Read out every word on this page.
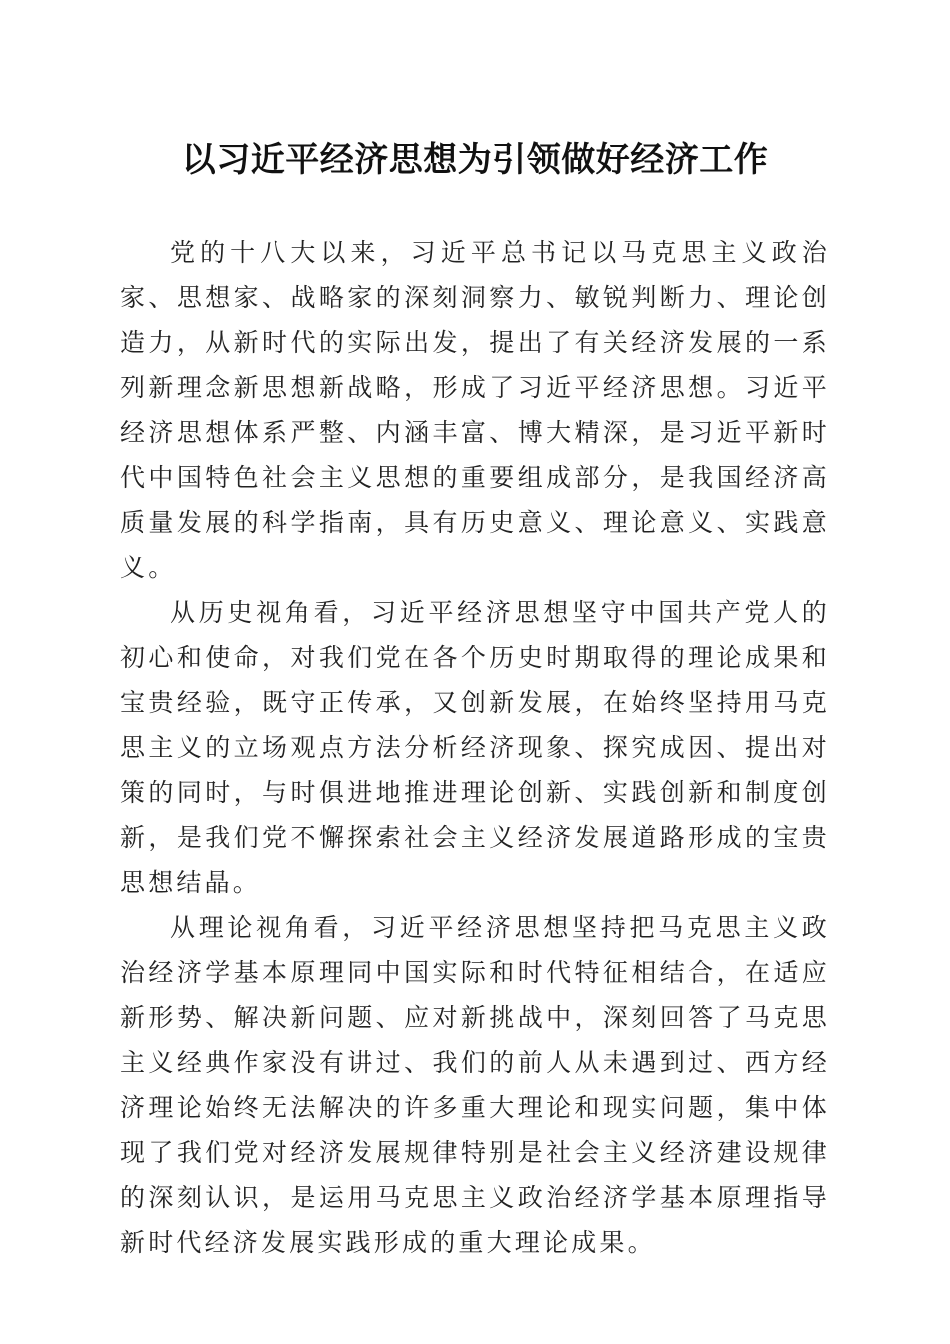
以习近平经济思想为引领做好经济工作

党的十八大以来，习近平总书记以马克思主义政治家、思想家、战略家的深刻洞察力、敏锐判断力、理论创造力，从新时代的实际出发，提出了有关经济发展的一系列新理念新思想新战略，形成了习近平经济思想。习近平经济思想体系严整、内涵丰富、博大精深，是习近平新时代中国特色社会主义思想的重要组成部分，是我国经济高质量发展的科学指南，具有历史意义、理论意义、实践意义。

从历史视角看，习近平经济思想坚守中国共产党人的初心和使命，对我们党在各个历史时期取得的理论成果和宝贵经验，既守正传承，又创新发展，在始终坚持用马克思主义的立场观点方法分析经济现象、探究成因、提出对策的同时，与时俱进地推进理论创新、实践创新和制度创新，是我们党不懈探索社会主义经济发展道路形成的宝贵思想结晶。

从理论视角看，习近平经济思想坚持把马克思主义政治经济学基本原理同中国实际和时代特征相结合，在适应新形势、解决新问题、应对新挑战中，深刻回答了马克思主义经典作家没有讲过、我们的前人从未遇到过、西方经济理论始终无法解决的许多重大理论和现实问题，集中体现了我们党对经济发展规律特别是社会主义经济建设规律的深刻认识，是运用马克思主义政治经济学基本原理指导新时代经济发展实践形成的重大理论成果。
